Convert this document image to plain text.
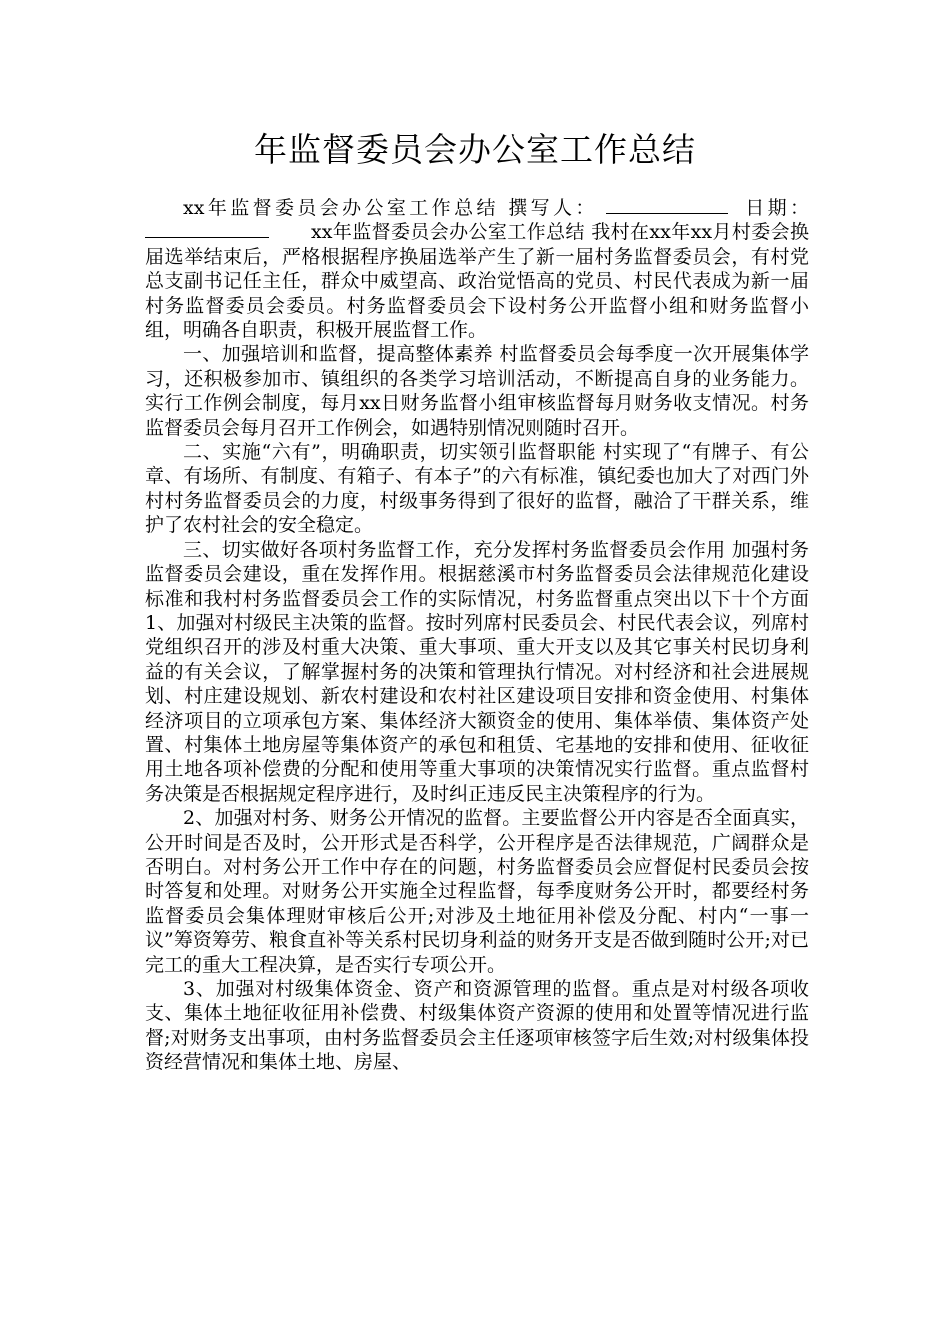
年监督委员会办公室工作总结

xx年监督委员会办公室工作总结 撰写人：	日期：xx年监督委员会办公室工作总结 我村在xx年xx月村委会换届选举结束后，严格根据程序换届选举产生了新一届村务监督委员会，有村党总支副书记任主任，群众中威望高、政治觉悟高的党员、村民代表成为新一届村务监督委员会委员。村务监督委员会下设村务公开监督小组和财务监督小组，明确各自职责，积极开展监督工作。

一、加强培训和监督，提高整体素养 村监督委员会每季度一次开展集体学习，还积极参加市、镇组织的各类学习培训活动，不断提高自身的业务能力。实行工作例会制度，每月xx日财务监督小组审核监督每月财务收支情况。村务监督委员会每月召开工作例会，如遇特别情况则随时召开。

二、实施“六有”，明确职责，切实领引监督职能 村实现了“有牌子、有公章、有场所、有制度、有箱子、有本子”的六有标准，镇纪委也加大了对西门外村村务监督委员会的力度，村级事务得到了很好的监督，融洽了干群关系，维护了农村社会的安全稳定。

三、切实做好各项村务监督工作，充分发挥村务监督委员会作用 加强村务监督委员会建设，重在发挥作用。根据慈溪市村务监督委员会法律规范化建设标准和我村村务监督委员会工作的实际情况，村务监督重点突出以下十个方面 1、加强对村级民主决策的监督。按时列席村民委员会、村民代表会议，列席村党组织召开的涉及村重大决策、重大事项、重大开支以及其它事关村民切身利益的有关会议，了解掌握村务的决策和管理执行情况。对村经济和社会进展规划、村庄建设规划、新农村建设和农村社区建设项目安排和资金使用、村集体经济项目的立项承包方案、集体经济大额资金的使用、集体举债、集体资产处置、村集体土地房屋等集体资产的承包和租赁、宅基地的安排和使用、征收征用土地各项补偿费的分配和使用等重大事项的决策情况实行监督。重点监督村务决策是否根据规定程序进行，及时纠正违反民主决策程序的行为。

2、加强对村务、财务公开情况的监督。主要监督公开内容是否全面真实，公开时间是否及时，公开形式是否科学，公开程序是否法律规范，广阔群众是否明白。对村务公开工作中存在的问题，村务监督委员会应督促村民委员会按时答复和处理。对财务公开实施全过程监督，每季度财务公开时，都要经村务监督委员会集体理财审核后公开;对涉及土地征用补偿及分配、村内“一事一议”筹资筹劳、粮食直补等关系村民切身利益的财务开支是否做到随时公开;对已完工的重大工程决算，是否实行专项公开。

3、加强对村级集体资金、资产和资源管理的监督。重点是对村级各项收支、集体土地征收征用补偿费、村级集体资产资源的使用和处置等情况进行监督;对财务支出事项，由村务监督委员会主任逐项审核签字后生效;对村级集体投资经营情况和集体土地、房屋、
